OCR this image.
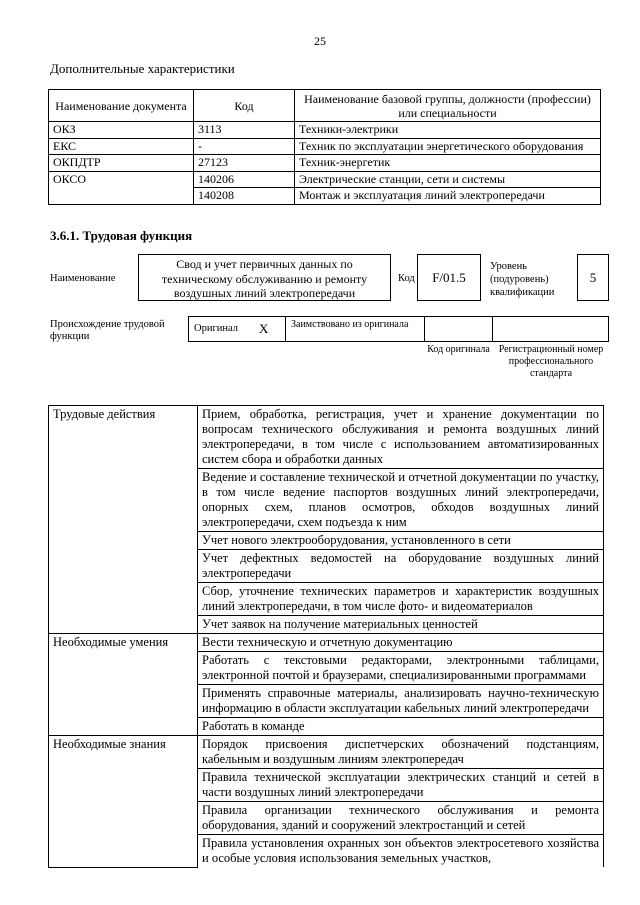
25
Дополнительные характеристики
Наименование документа	Код	Наименование базовой группы, должности (профессии) или специальности
ОКЗ	3113	Техники-электрики
ЕКС	-	Техник по эксплуатации энергетического оборудования
ОКПДТР	27123	Техник-энергетик
ОКСО	140206	Электрические станции, сети и системы
	140208	Монтаж и эксплуатация линий электропередачи
3.6.1. Трудовая функция
Наименование
Свод и учет первичных данных по техническому обслуживанию и ремонту воздушных линий электропередачи
Код	F/01.5
Уровень (подуровень) квалификации
5
Происхождение трудовой функции
Оригинал X Заимствовано из оригинала
Код оригинала Регистрационный номер профессионального стандарта
Трудовые действия	Прием, обработка, регистрация, учет и хранение документации по вопросам технического обслуживания и ремонта воздушных линий электропередачи, в том числе с использованием автоматизированных систем сбора и обработки данных
	Ведение и составление технической и отчетной документации по участку, в том числе ведение паспортов воздушных линий электропередачи, опорных схем, планов осмотров, обходов воздушных линий электропередачи, схем подъезда к ним
	Учет нового электрооборудования, установленного в сети
	Учет дефектных ведомостей на оборудование воздушных линий электропередачи
	Сбор, уточнение технических параметров и характеристик воздушных линий электропередачи, в том числе фото- и видеоматериалов
	Учет заявок на получение материальных ценностей
Необходимые умения	Вести техническую и отчетную документацию
	Работать с текстовыми редакторами, электронными таблицами, электронной почтой и браузерами, специализированными программами
	Применять справочные материалы, анализировать научно-техническую информацию в области эксплуатации кабельных линий электропередачи
	Работать в команде
Необходимые знания	Порядок присвоения диспетчерских обозначений подстанциям, кабельным и воздушным линиям электропередач
	Правила технической эксплуатации электрических станций и сетей в части воздушных линий электропередачи
	Правила организации технического обслуживания и ремонта оборудования, зданий и сооружений электростанций и сетей
	Правила установления охранных зон объектов электросетевого хозяйства и особые условия использования земельных участков,
